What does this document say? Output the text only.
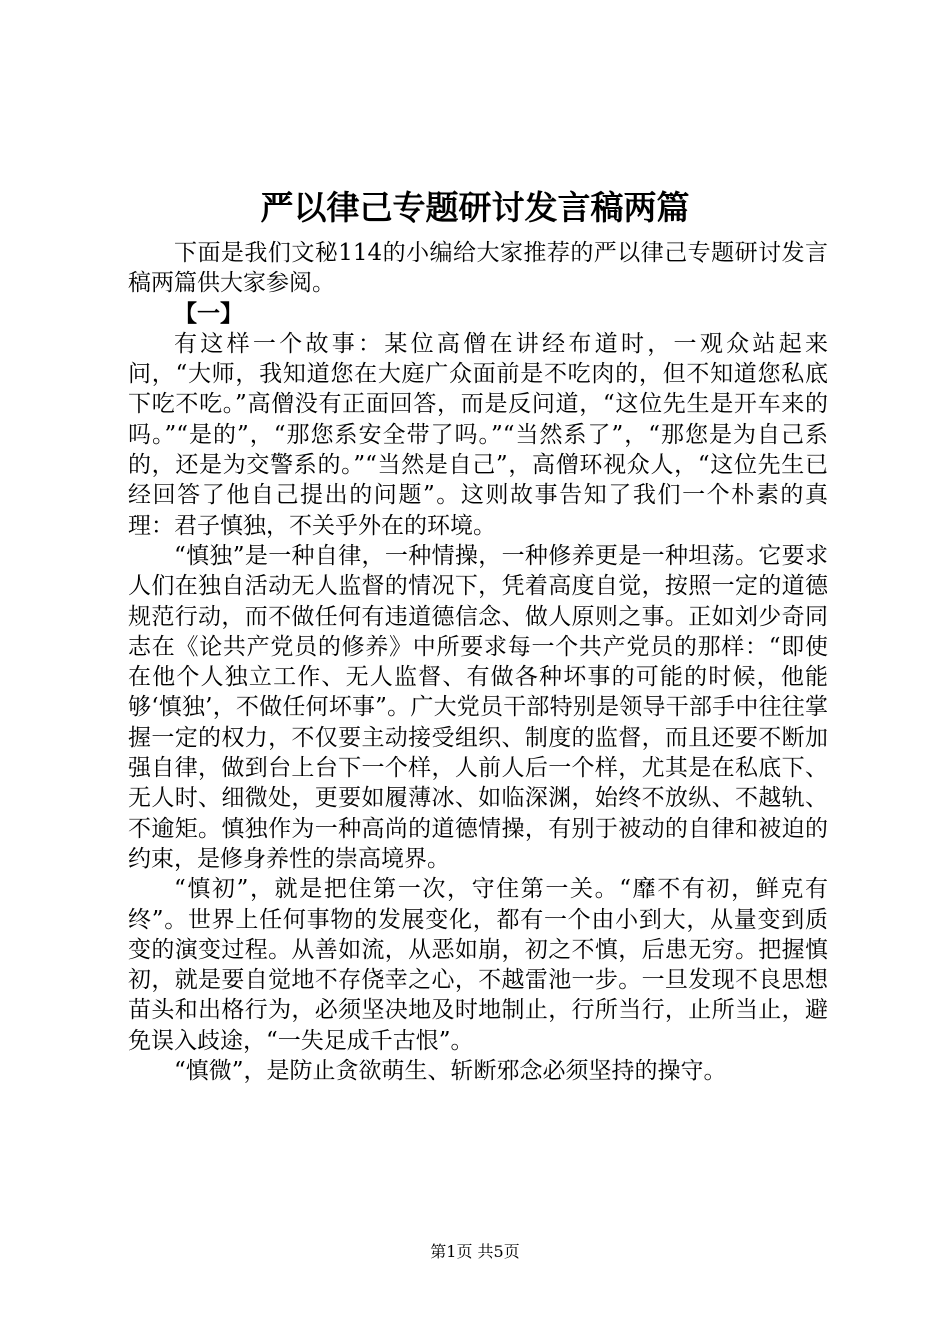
严以律己专题研讨发言稿两篇

下面是我们文秘114的小编给大家推荐的严以律己专题研讨发言稿两篇供大家参阅。

【一】

有这样一个故事：某位高僧在讲经布道时，一观众站起来问，“大师，我知道您在大庭广众面前是不吃肉的，但不知道您私底下吃不吃。”高僧没有正面回答，而是反问道，“这位先生是开车来的吗。”“是的”，“那您系安全带了吗。”“当然系了”，“那您是为自己系的，还是为交警系的。”“当然是自己”，高僧环视众人，“这位先生已经回答了他自己提出的问题”。这则故事告知了我们一个朴素的真理：君子慎独，不关乎外在的环境。

“慎独”是一种自律，一种情操，一种修养更是一种坦荡。它要求人们在独自活动无人监督的情况下，凭着高度自觉，按照一定的道德规范行动，而不做任何有违道德信念、做人原则之事。正如刘少奇同志在《论共产党员的修养》中所要求每一个共产党员的那样：“即使在他个人独立工作、无人监督、有做各种坏事的可能的时候，他能够‘慎独’，不做任何坏事”。广大党员干部特别是领导干部手中往往掌握一定的权力，不仅要主动接受组织、制度的监督，而且还要不断加强自律，做到台上台下一个样，人前人后一个样，尤其是在私底下、无人时、细微处，更要如履薄冰、如临深渊，始终不放纵、不越轨、不逾矩。慎独作为一种高尚的道德情操，有别于被动的自律和被迫的约束，是修身养性的崇高境界。

“慎初”，就是把住第一次，守住第一关。“靡不有初，鲜克有终”。世界上任何事物的发展变化，都有一个由小到大，从量变到质变的演变过程。从善如流，从恶如崩，初之不慎，后患无穷。把握慎初，就是要自觉地不存侥幸之心，不越雷池一步。一旦发现不良思想苗头和出格行为，必须坚决地及时地制止，行所当行，止所当止，避免误入歧途，“一失足成千古恨”。

“慎微”，是防止贪欲萌生、斩断邪念必须坚持的操守。

第1页 共5页
